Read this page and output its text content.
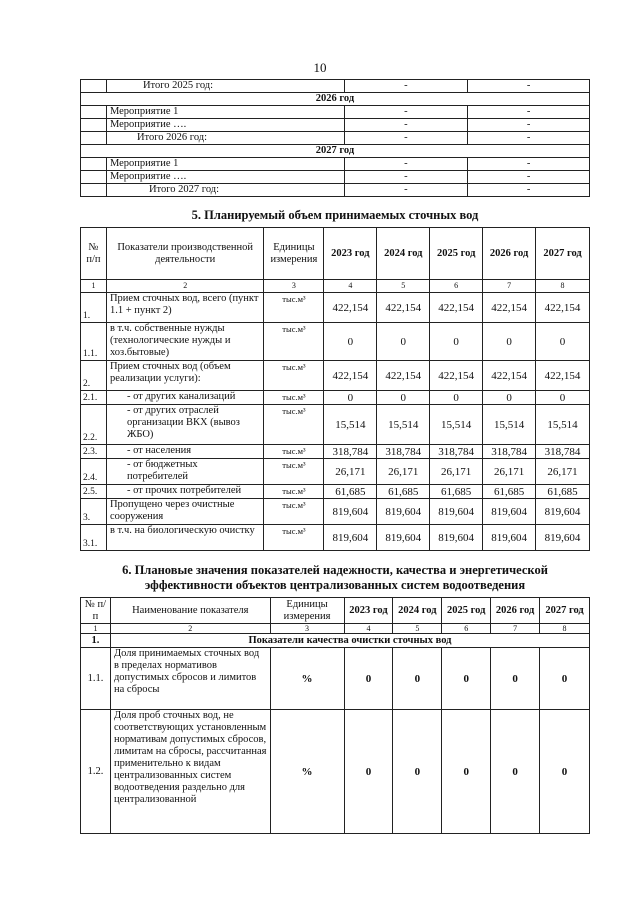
10
	Итого 2025 год:	-	-
2026 год			
	Мероприятие 1	-	-
	Мероприятие ….	-	-
	Итого 2026 год:	-	-
2027 год			
	Мероприятие 1	-	-
	Мероприятие ….	-	-
	Итого 2027 год:	-	-
5. Планируемый объем принимаемых сточных вод
№ п/п	Показатели производственной деятельности	Единицы измерения	2023 год	2024 год	2025 год	2026 год	2027 год
1	2	3	4	5	6	7	8
1.	Прием сточных вод, всего (пункт 1.1 + пункт 2)	тыс.м³	422,154	422,154	422,154	422,154	422,154
1.1.	в т.ч. собственные нужды (технологические нужды и хоз.бытовые)	тыс.м³	0	0	0	0	0
2.	Прием сточных вод (объем реализации услуги):	тыс.м³	422,154	422,154	422,154	422,154	422,154
2.1.	- от других канализаций	тыс.м³	0	0	0	0	0
2.2.	- от других отраслей организации ВКХ (вывоз ЖБО)	тыс.м³	15,514	15,514	15,514	15,514	15,514
2.3.	- от населения	тыс.м³	318,784	318,784	318,784	318,784	318,784
2.4.	- от бюджетных потребителей	тыс.м³	26,171	26,171	26,171	26,171	26,171
2.5.	- от прочих потребителей	тыс.м³	61,685	61,685	61,685	61,685	61,685
3.	Пропущено через очистные сооружения	тыс.м³	819,604	819,604	819,604	819,604	819,604
3.1.	в т.ч. на биологическую очистку	тыс.м³	819,604	819,604	819,604	819,604	819,604
6. Плановые значения показателей надежности, качества и энергетической
эффективности объектов централизованных систем водоотведения
№ п/п	Наименование показателя	Единицы измерения	2023 год	2024 год	2025 год	2026 год	2027 год
1	2	3	4	5	6	7	8
1.	Показатели качества очистки сточных вод						
1.1.	Доля принимаемых сточных вод в пределах нормативов допустимых сбросов и лимитов на сбросы	%	0	0	0	0	0
1.2.	Доля проб сточных вод, не соответствующих установленным нормативам допустимых сбросов, лимитам на сбросы, рассчитанная применительно к видам централизованных систем водоотведения раздельно для централизованной	%	0	0	0	0	0
